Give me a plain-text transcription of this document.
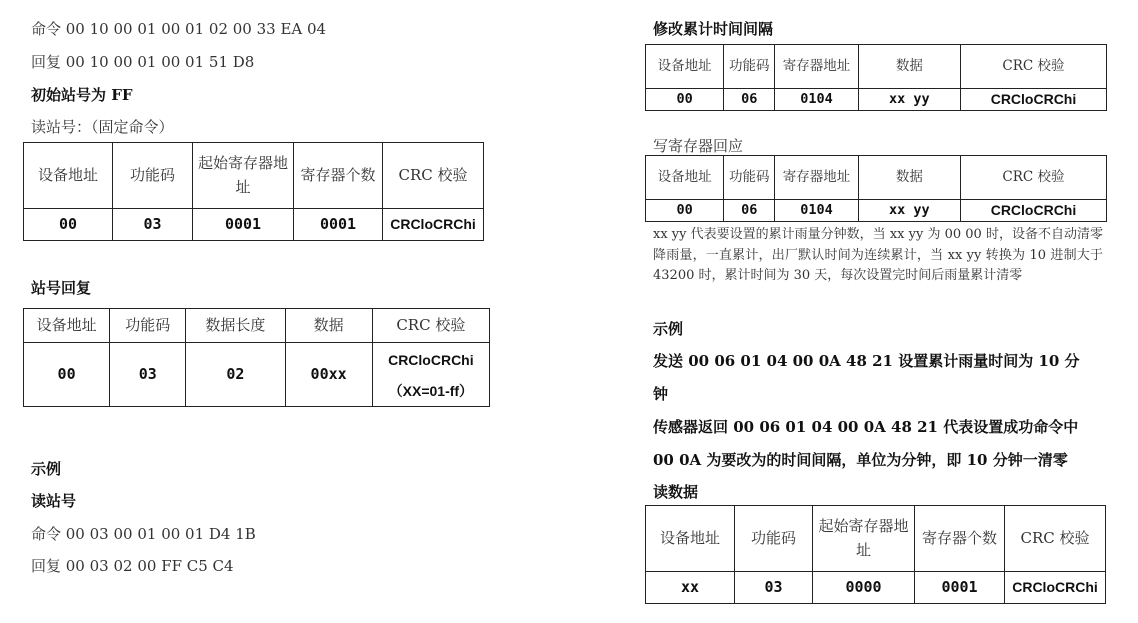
命令 00 10 00 01 00 01 02 00 33 EA 04
回复 00 10 00 01 00 01 51 D8
初始站号为 FF
读站号：（固定命令）
设备地址	功能码	起始寄存器地址	寄存器个数	CRC 校验
00	03	0001	0001	CRCloCRChi
站号回复
设备地址	功能码	数据长度	数据	CRC 校验
00	03	02	00xx	CRCloCRChi
（XX=01-ff）
示例
读站号
命令 00 03 00 01 00 01 D4 1B
回复 00 03 02 00 FF C5 C4
修改累计时间间隔
设备地址	功能码	寄存器地址	数据	CRC 校验
00	06	0104	xx yy	CRCloCRChi
写寄存器回应
设备地址	功能码	寄存器地址	数据	CRC 校验
00	06	0104	xx yy	CRCloCRChi
xx yy 代表要设置的累计雨量分钟数，当 xx yy 为 00 00 时，设备不自动清零降雨量，一直累计，出厂默认时间为连续累计，当 xx yy 转换为 10 进制大于 43200 时，累计时间为 30 天，每次设置完时间后雨量累计清零
示例
发送 00 06 01 04 00 0A 48 21 设置累计雨量时间为 10 分
钟
传感器返回 00 06 01 04 00 0A 48 21 代表设置成功命令中
00 0A 为要改为的时间间隔，单位为分钟，即 10 分钟一清零
读数据
设备地址	功能码	起始寄存器地址	寄存器个数	CRC 校验
xx	03	0000	0001	CRCloCRChi
